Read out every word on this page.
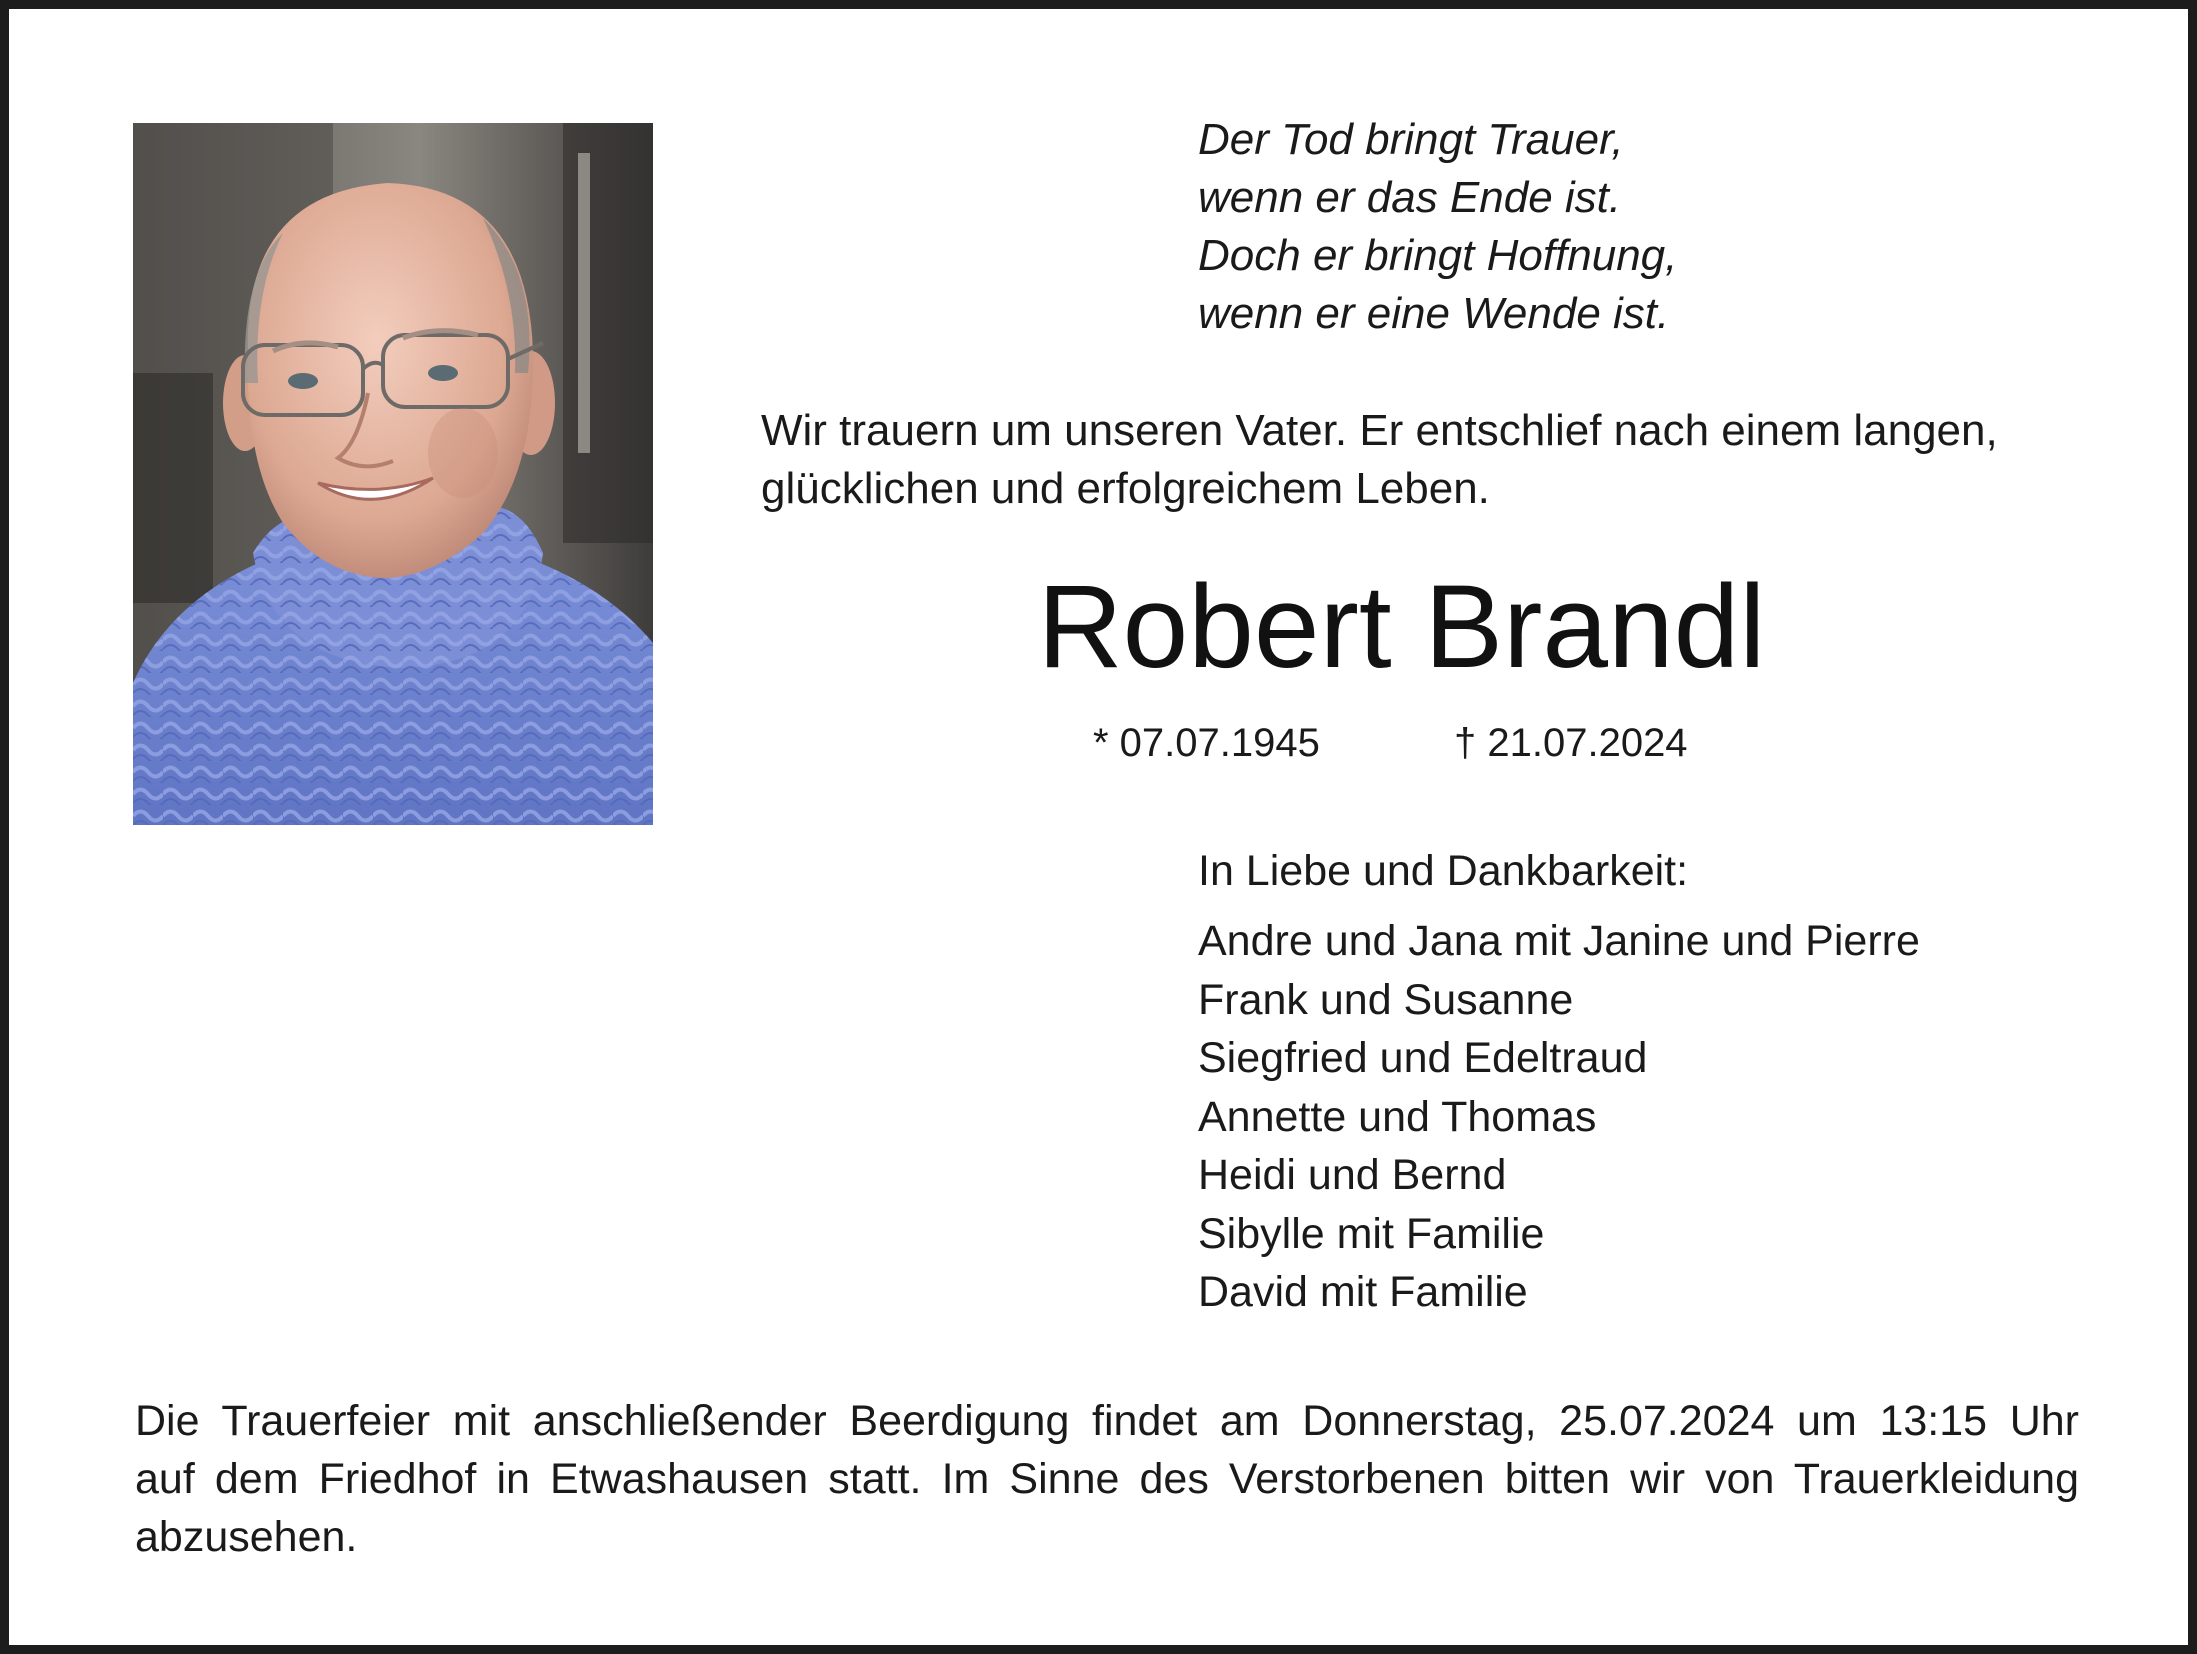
Der Tod bringt Trauer,
wenn er das Ende ist.
Doch er bringt Hoffnung,
wenn er eine Wende ist.
Wir trauern um unseren Vater. Er entschlief nach einem langen,
glücklichen und erfolgreichem Leben.
Robert Brandl
* 07.07.1945	† 21.07.2024
In Liebe und Dankbarkeit:
Andre und Jana mit Janine und Pierre
Frank und Susanne
Siegfried und Edeltraud
Annette und Thomas
Heidi und Bernd
Sibylle mit Familie
David mit Familie
Die Trauerfeier mit anschließender Beerdigung findet am Donnerstag, 25.07.2024 um 13:15 Uhr
auf dem Friedhof in Etwashausen statt. Im Sinne des Verstorbenen bitten wir von Trauerkleidung
abzusehen.
